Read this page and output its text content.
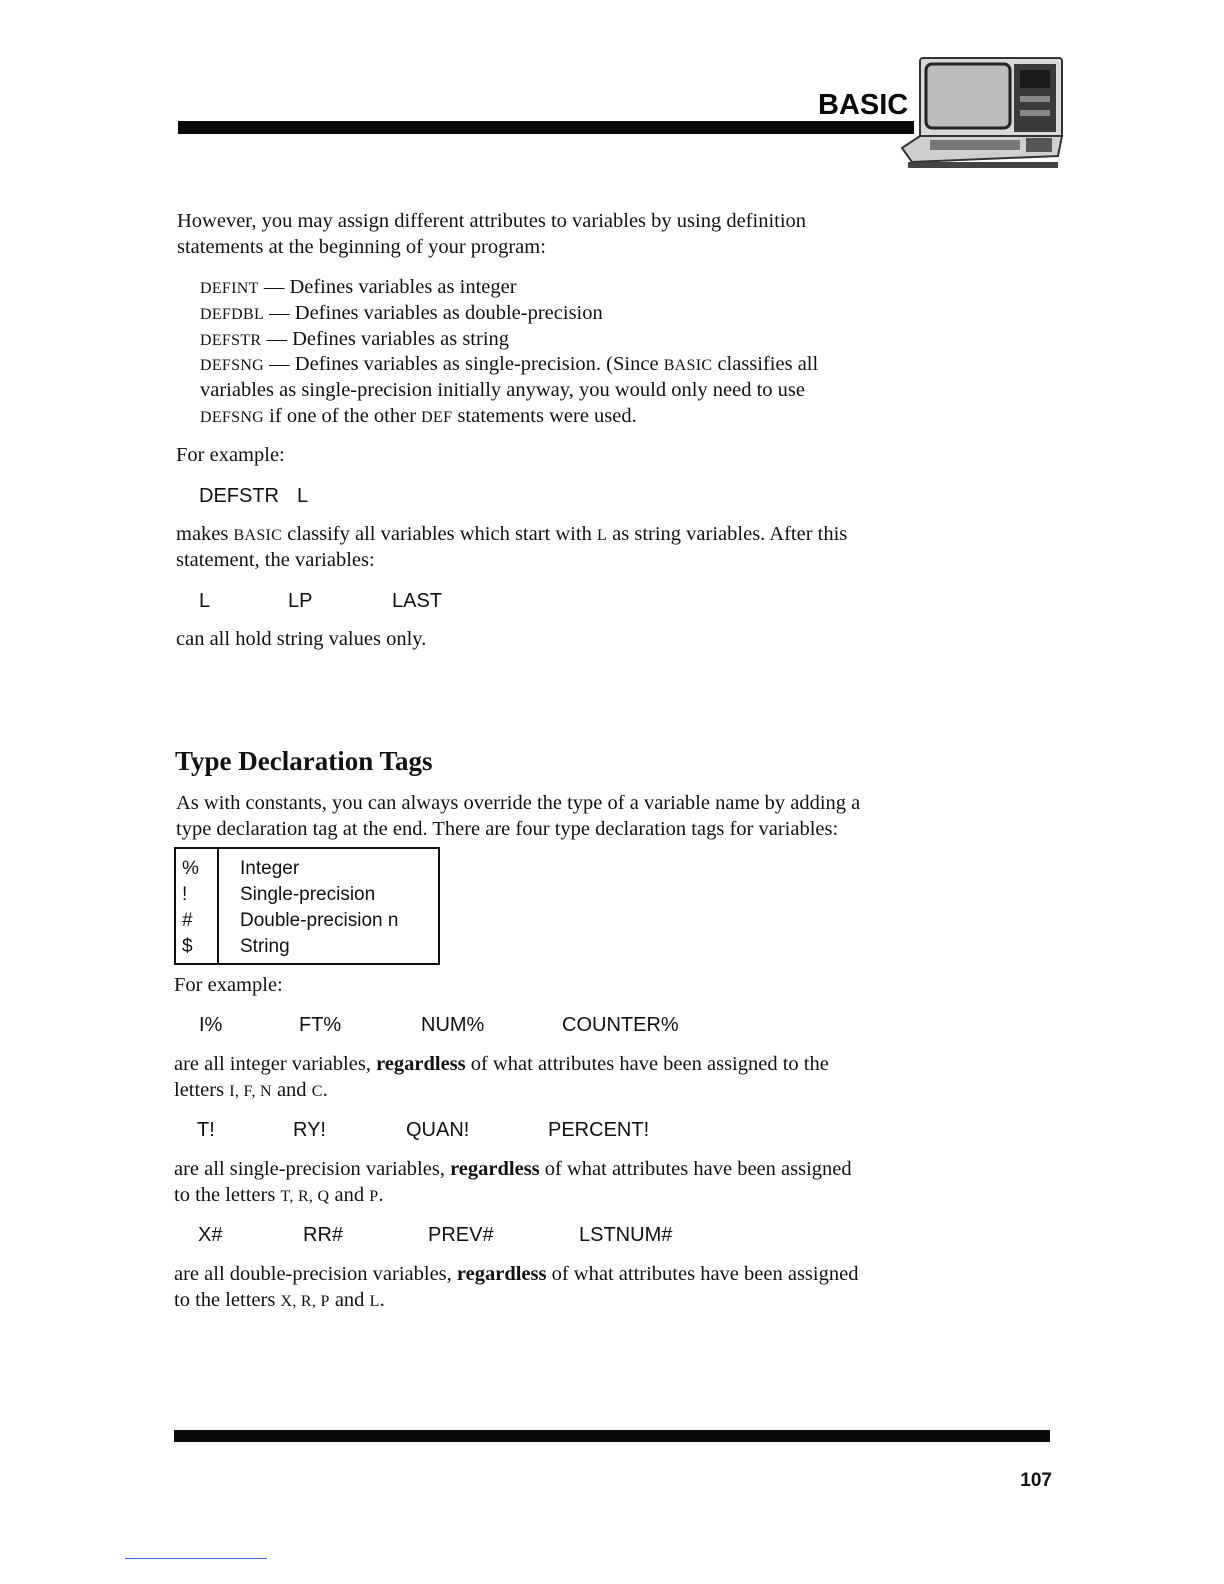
BASIC
However, you may assign different attributes to variables by using definition
statements at the beginning of your program:
DEFINT — Defines variables as integer
DEFDBL — Defines variables as double-precision
DEFSTR — Defines variables as string
DEFSNG — Defines variables as single-precision. (Since BASIC classifies all
variables as single-precision initially anyway, you would only need to use
DEFSNG if one of the other DEF statements were used.
For example:
DEFSTR L
makes BASIC classify all variables which start with L as string variables. After this
statement, the variables:
L	LP	LAST
can all hold string values only.
Type Declaration Tags
As with constants, you can always override the type of a variable name by adding a
type declaration tag at the end. There are four type declaration tags for variables:
% Integer
!	Single-precision
# Double-precision n
$ String
For example:
I%	FT%	NUM%	COUNTER%
are all integer variables, regardless of what attributes have been assigned to the
letters I, F, N and C.
T!	RY!	QUAN!	PERCENT!
are all single-precision variables, regardless of what attributes have been assigned
to the letters T, R, Q and P.
X#	RR#	PREV#	LSTNUM#
are all double-precision variables, regardless of what attributes have been assigned
to the letters X, R, P and L.
107
